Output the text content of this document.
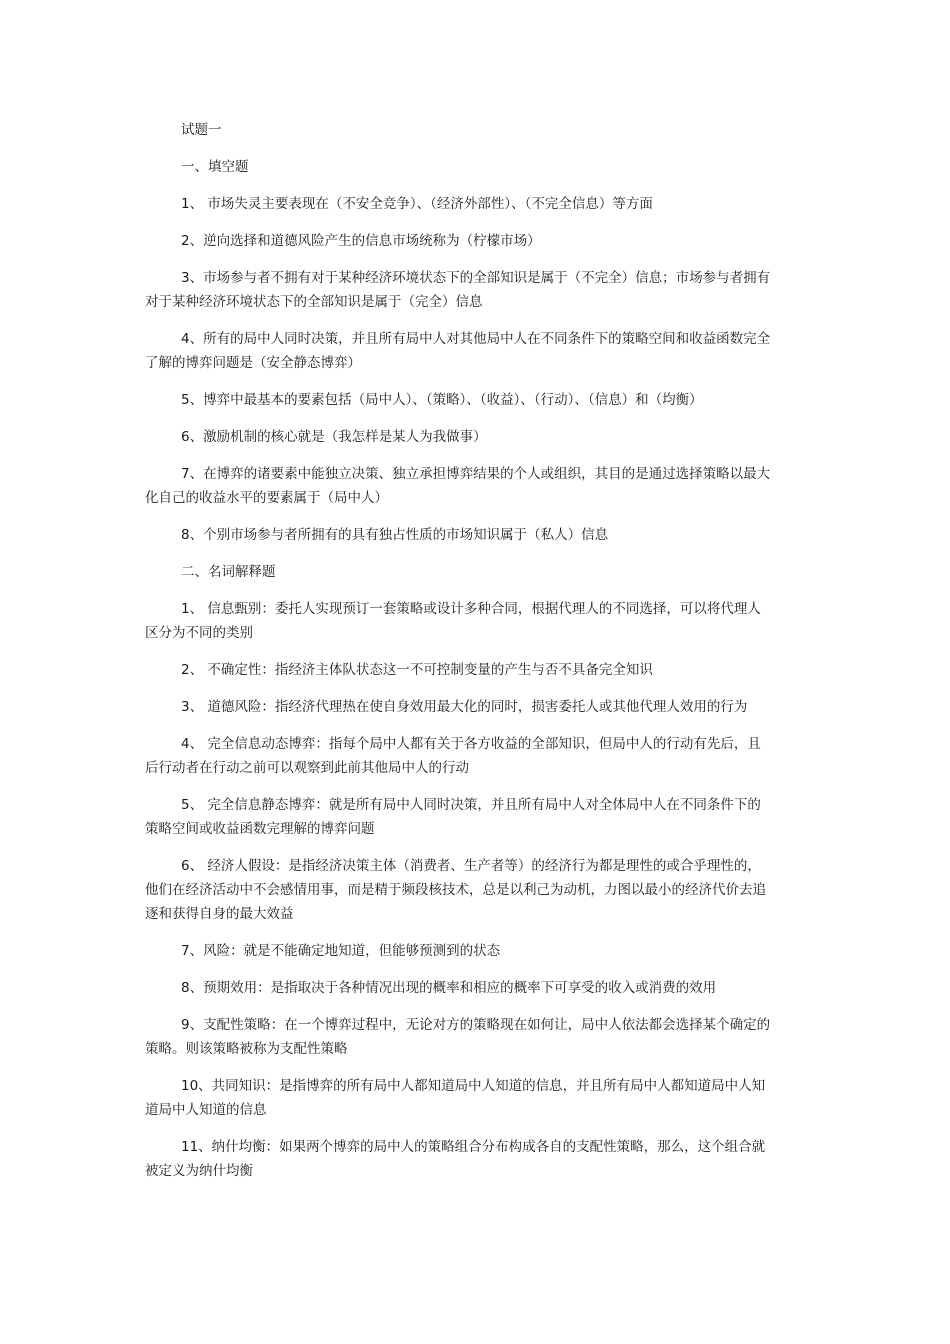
试题一

一、填空题

1、 市场失灵主要表现在（不安全竞争）、（经济外部性）、（不完全信息）等方面

2、逆向选择和道德风险产生的信息市场统称为（柠檬市场）

3、市场参与者不拥有对于某种经济环境状态下的全部知识是属于（不完全）信息；市场参与者拥有

对于某种经济环境状态下的全部知识是属于（完全）信息

4、所有的局中人同时决策，并且所有局中人对其他局中人在不同条件下的策略空间和收益函数完全

了解的博弈问题是（安全静态博弈）

5、博弈中最基本的要素包括（局中人）、（策略）、（收益）、（行动）、（信息）和（均衡）

6、激励机制的核心就是（我怎样是某人为我做事）

7、在博弈的诸要素中能独立决策、独立承担博弈结果的个人或组织，其目的是通过选择策略以最大

化自己的收益水平的要素属于（局中人）

8、个别市场参与者所拥有的具有独占性质的市场知识属于（私人）信息

二、名词解释题

1、 信息甄别：委托人实现预订一套策略或设计多种合同，根据代理人的不同选择，可以将代理人

区分为不同的类别

2、 不确定性：指经济主体队状态这一不可控制变量的产生与否不具备完全知识

3、 道德风险：指经济代理热在使自身效用最大化的同时，损害委托人或其他代理人效用的行为

4、 完全信息动态博弈：指每个局中人都有关于各方收益的全部知识，但局中人的行动有先后，且

后行动者在行动之前可以观察到此前其他局中人的行动

5、 完全信息静态博弈：就是所有局中人同时决策，并且所有局中人对全体局中人在不同条件下的

策略空间或收益函数完理解的博弈问题

6、 经济人假设：是指经济决策主体（消费者、生产者等）的经济行为都是理性的或合乎理性的，

他们在经济活动中不会感情用事，而是精于频段核技术，总是以利己为动机，力图以最小的经济代价去追

逐和获得自身的最大效益

7、风险：就是不能确定地知道，但能够预测到的状态

8、预期效用：是指取决于各种情况出现的概率和相应的概率下可享受的收入或消费的效用

9、支配性策略：在一个博弈过程中，无论对方的策略现在如何让，局中人依法都会选择某个确定的

策略。则该策略被称为支配性策略

10、共同知识：是指博弈的所有局中人都知道局中人知道的信息，并且所有局中人都知道局中人知

道局中人知道的信息

11、纳什均衡：如果两个博弈的局中人的策略组合分布构成各自的支配性策略，那么，这个组合就

被定义为纳什均衡
